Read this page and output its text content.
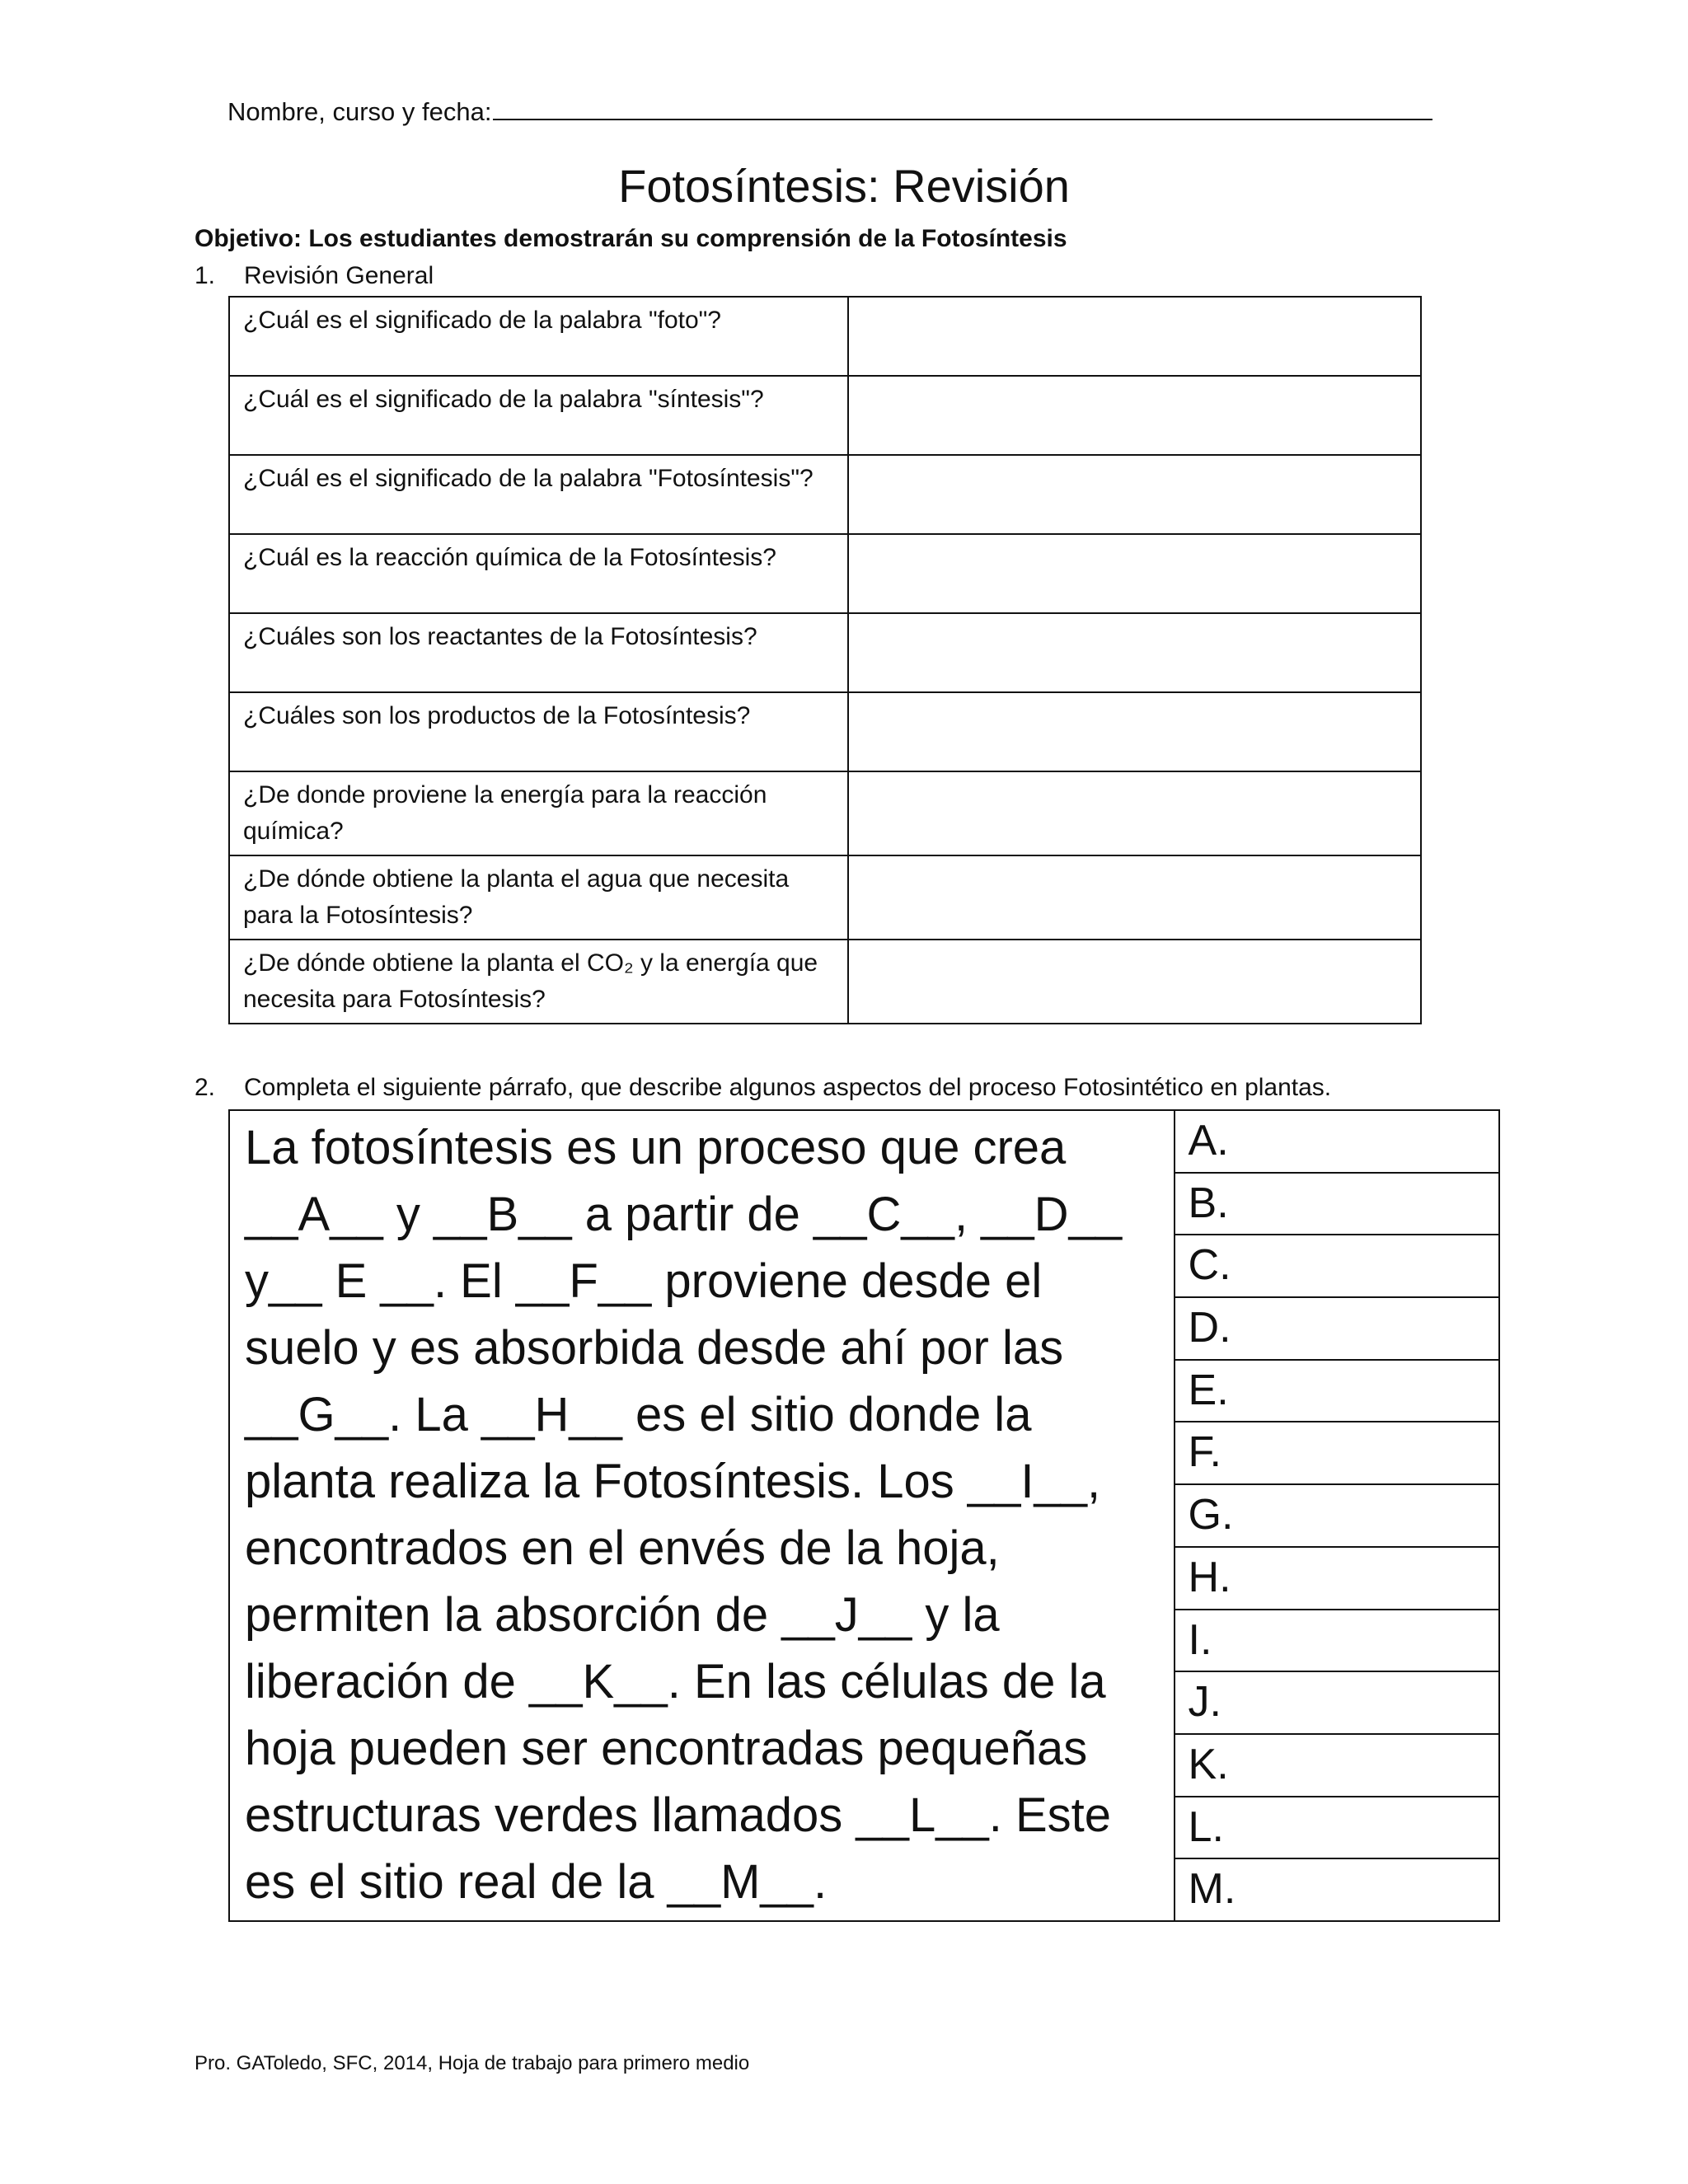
Nombre, curso y fecha:
Fotosíntesis: Revisión
Objetivo: Los estudiantes demostrarán su comprensión de la Fotosíntesis
1. Revisión General
¿Cuál es el significado de la palabra "foto"?	
¿Cuál es el significado de la palabra "síntesis"?	
¿Cuál es el significado de la palabra "Fotosíntesis"?	
¿Cuál es la reacción química de la Fotosíntesis?	
¿Cuáles son los reactantes de la Fotosíntesis?	
¿Cuáles son los productos de la Fotosíntesis?	
¿De donde proviene la energía para la reacción química?	
¿De dónde obtiene la planta el agua que necesita para la Fotosíntesis?	
¿De dónde obtiene la planta el CO₂ y la energía que necesita para Fotosíntesis?	
2. Completa el siguiente párrafo, que describe algunos aspectos del proceso Fotosintético en plantas.
La fotosíntesis es un proceso que crea __A__ y __B__ a partir de __C__, __D__ y__ E __. El __F__ proviene desde el suelo y es absorbida desde ahí por las __G__. La __H__ es el sitio donde la planta realiza la Fotosíntesis. Los __I__, encontrados en el envés de la hoja, permiten la absorción de __J__ y la liberación de __K__. En las células de la hoja pueden ser encontradas pequeñas estructuras verdes llamados __L__. Este es el sitio real de la __M__.	A.
B.
C.
D.
E.
F.
G.
H.
I.
J.
K.
L.
M.
Pro. GAToledo, SFC, 2014, Hoja de trabajo para primero medio
